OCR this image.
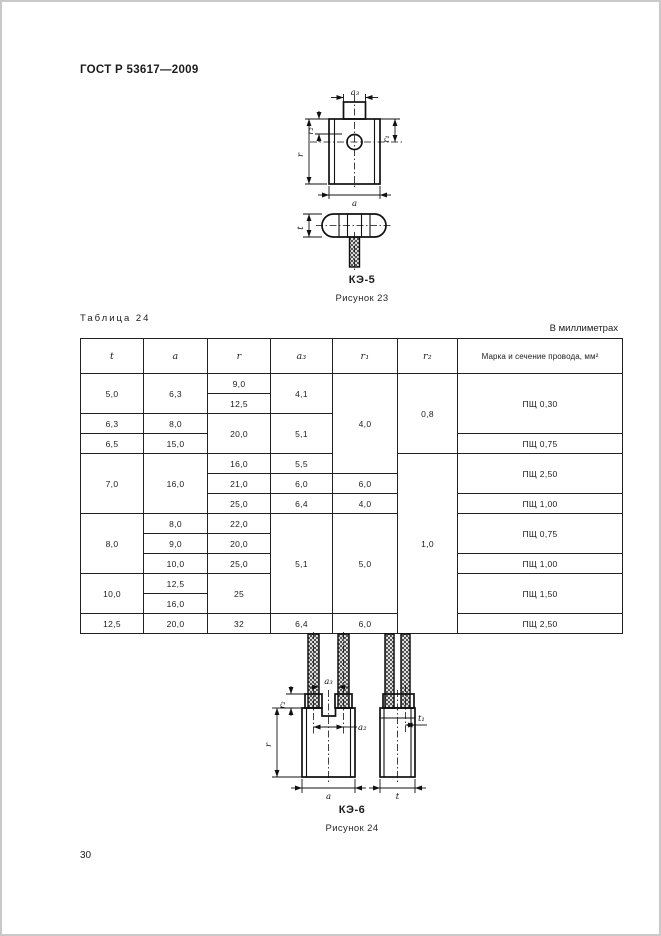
ГОСТ Р 53617—2009
a₃
r₂
r
r₁
a
t
КЭ-5
Рисунок 23
Таблица 24
В миллиметрах
t	a	r	a₃	r₁	r₂	Марка и сечение провода, мм²
5,0	6,3	9,0	4,1	4,0	0,8	ПЩ 0,30
		12,5				
6,3	8,0	20,0	5,1			
6,5	15,0					ПЩ 0,75
7,0	16,0	16,0	5,5		1,0	ПЩ 2,50
		21,0	6,0	6,0		
		25,0	6,4	4,0		ПЩ 1,00
8,0	8,0	22,0	5,1	5,0		ПЩ 0,75
	9,0	20,0				
	10,0	25,0				ПЩ 1,00
10,0	12,5	25				ПЩ 1,50
	16,0					
12,5	20,0	32	6,4	6,0		ПЩ 2,50
a₃
r₂
r
a₂
a
t₁
t
КЭ-6
Рисунок 24
30
